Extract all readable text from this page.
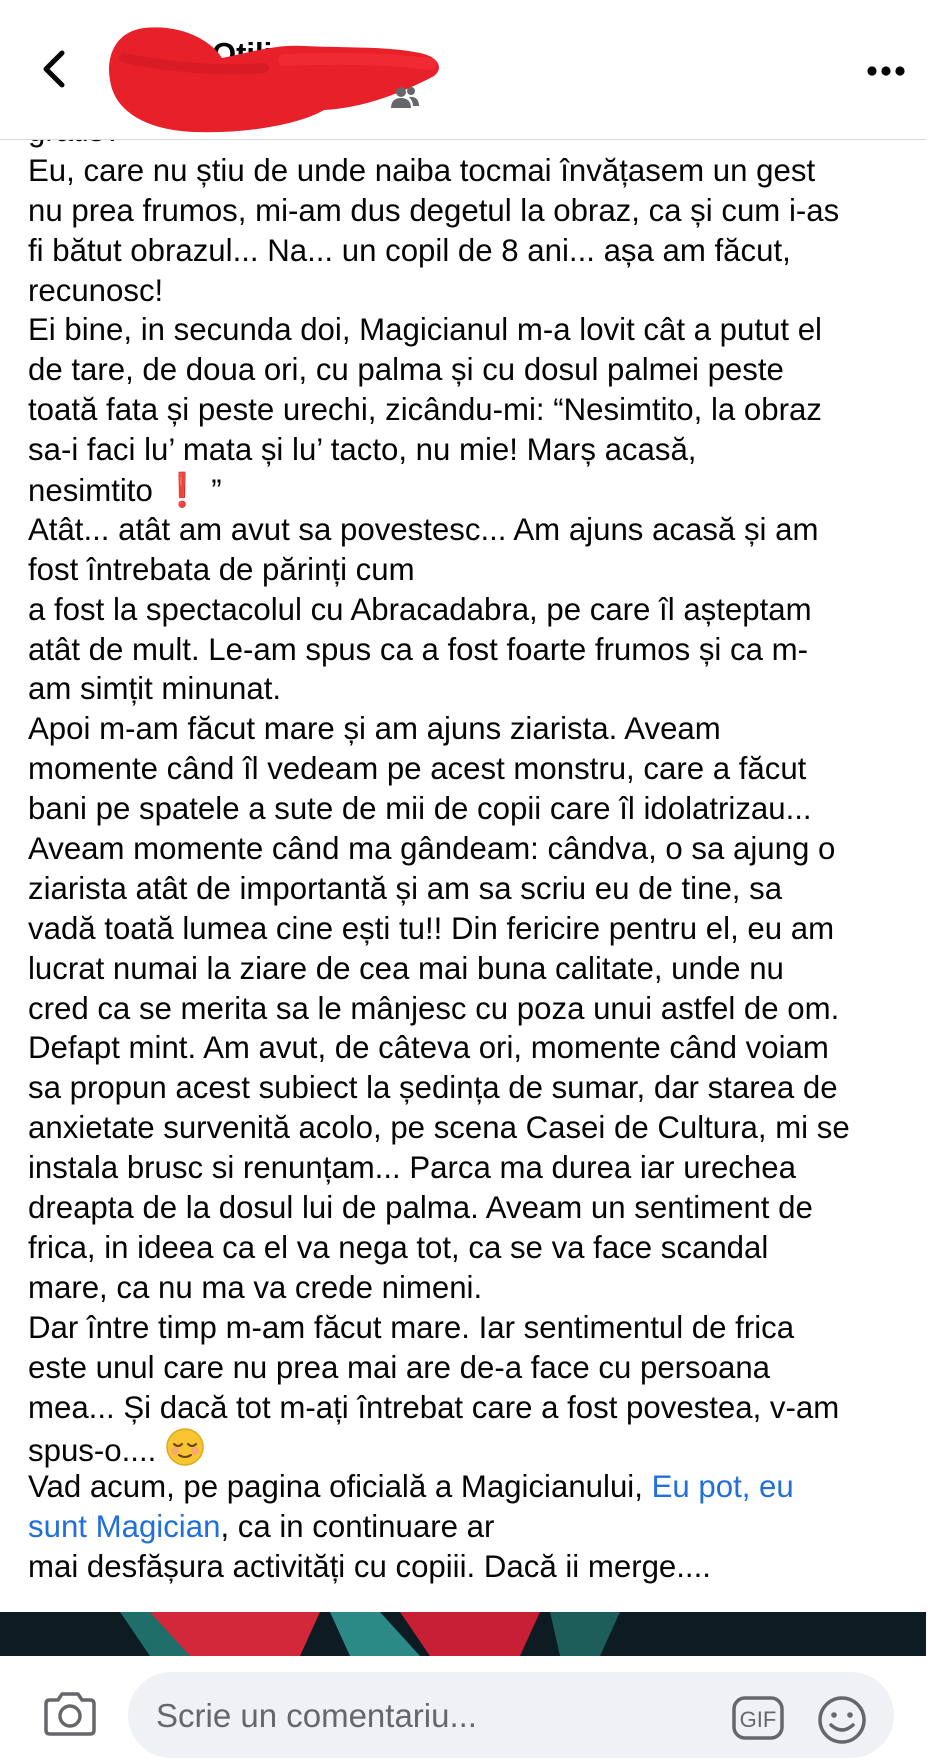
Eu, care nu știu de unde naiba tocmai învățasem un gest
nu prea frumos, mi-am dus degetul la obraz, ca și cum i-as
fi bătut obrazul... Na... un copil de 8 ani... așa am făcut,
recunosc!
Ei bine, in secunda doi, Magicianul m-a lovit cât a putut el
de tare, de doua ori, cu palma și cu dosul palmei peste
toată fata și peste urechi, zicându-mi: “Nesimtito, la obraz
sa-i faci lu’ mata și lu’ tacto, nu mie! Marș acasă,
nesimtito ❗ ”
Atât... atât am avut sa povestesc... Am ajuns acasă și am
fost întrebata de părinți cum
a fost la spectacolul cu Abracadabra, pe care îl așteptam
atât de mult. Le-am spus ca a fost foarte frumos și ca m-
am simțit minunat.
Apoi m-am făcut mare și am ajuns ziarista. Aveam
momente când îl vedeam pe acest monstru, care a făcut
bani pe spatele a sute de mii de copii care îl idolatrizau...
Aveam momente când ma gândeam: cândva, o sa ajung o
ziarista atât de importantă și am sa scriu eu de tine, sa
vadă toată lumea cine ești tu!! Din fericire pentru el, eu am
lucrat numai la ziare de cea mai buna calitate, unde nu
cred ca se merita sa le mânjesc cu poza unui astfel de om.
Defapt mint. Am avut, de câteva ori, momente când voiam
sa propun acest subiect la ședința de sumar, dar starea de
anxietate survenită acolo, pe scena Casei de Cultura, mi se
instala brusc si renunțam... Parca ma durea iar urechea
dreapta de la dosul lui de palma. Aveam un sentiment de
frica, in ideea ca el va nega tot, ca se va face scandal
mare, ca nu ma va crede nimeni.
Dar între timp m-am făcut mare. Iar sentimentul de frica
este unul care nu prea mai are de-a face cu persoana
mea... Și dacă tot m-ați întrebat care a fost povestea, v-am
spus-o....
Vad acum, pe pagina oficială a Magicianului, Eu pot, eu
sunt Magician, ca in continuare ar
mai desfășura activități cu copiii. Dacă ii merge....
Scrie un comentariu...	GIF
